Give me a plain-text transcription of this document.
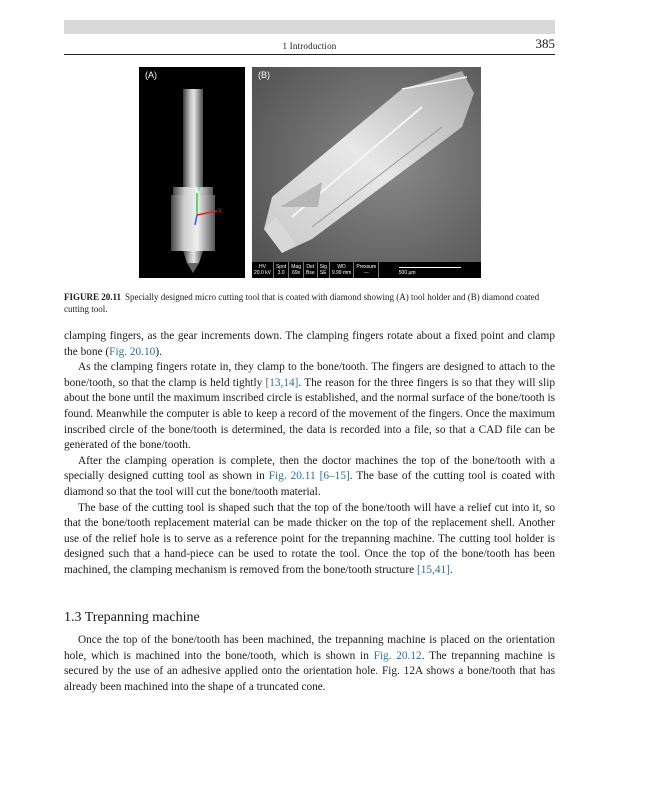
1 Introduction	385
Y
X
(A)	(B)
HV
20.0 kV
Spot
3.0
Mag
69x
Det
Bse
Sig
SE
WD
9.99 mm
Pressure
---	500 μm
FIGURE 20.11 Specially designed micro cutting tool that is coated with diamond showing (A) tool holder and (B) diamond coated cutting tool.

clamping fingers, as the gear increments down. The clamping fingers rotate about a fixed point and clamp the bone (Fig. 20.10).

As the clamping fingers rotate in, they clamp to the bone/tooth. The fingers are designed to attach to the bone/tooth, so that the clamp is held tightly [13,14]. The reason for the three fingers is so that they will slip about the bone until the maximum inscribed circle is established, and the normal surface of the bone/tooth is found. Meanwhile the computer is able to keep a record of the movement of the fingers. Once the maximum inscribed circle of the bone/tooth is determined, the data is recorded into a file, so that a CAD file can be generated of the bone/tooth.

After the clamping operation is complete, then the doctor machines the top of the bone/tooth with a specially designed cutting tool as shown in Fig. 20.11 [6–15]. The base of the cutting tool is coated with diamond so that the tool will cut the bone/tooth material.

The base of the cutting tool is shaped such that the top of the bone/tooth will have a relief cut into it, so that the bone/tooth replacement material can be made thicker on the top of the replacement shell. Another use of the relief hole is to serve as a reference point for the trepanning machine. The cutting tool holder is designed such that a hand-piece can be used to rotate the tool. Once the top of the bone/tooth has been machined, the clamping mechanism is removed from the bone/tooth structure [15,41].

1.3 Trepanning machine

Once the top of the bone/tooth has been machined, the trepanning machine is placed on the orientation hole, which is machined into the bone/tooth, which is shown in Fig. 20.12. The trepanning machine is secured by the use of an adhesive applied onto the orientation hole. Fig. 12A shows a bone/tooth that has already been machined into the shape of a truncated cone.
